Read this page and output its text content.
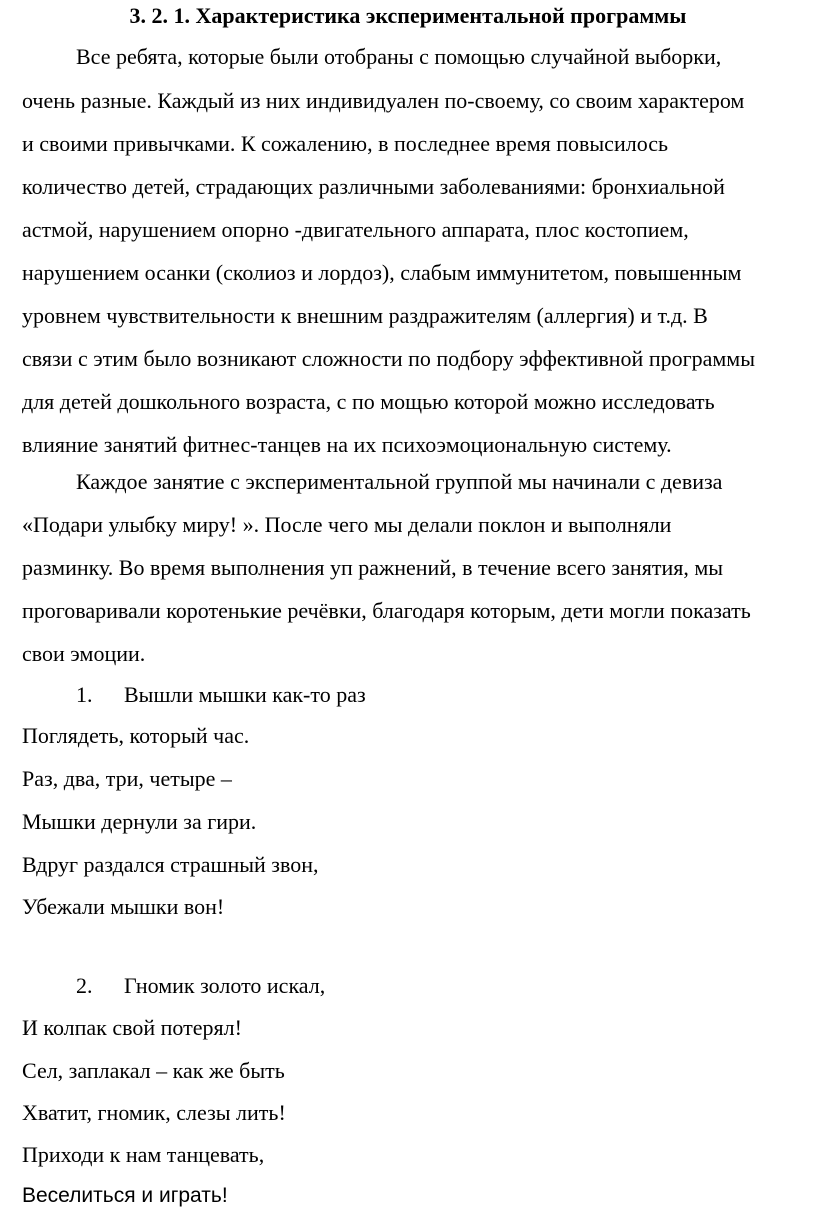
3. 2. 1. Характеристика экспериментальной программы
Все ребята, которые были отобраны с помощью случайной выборки,
очень разные. Каждый из них индивидуален по-своему, со своим характером
и своими привычками. К сожалению, в последнее время повысилось
количество детей, страдающих различными заболеваниями: бронхиальной
астмой, нарушением опорно -двигательного аппарата, плос костопием,
нарушением осанки (сколиоз и лордоз), слабым иммунитетом, повышенным
уровнем чувствительности к внешним раздражителям (аллергия) и т.д. В
связи с этим было возникают сложности по подбору эффективной программы
для детей дошкольного возраста, с по мощью которой можно исследовать
влияние занятий фитнес-танцев на их психоэмоциональную систему.
Каждое занятие с экспериментальной группой мы начинали с девиза
«Подари улыбку миру! ». После чего мы делали поклон и выполняли
разминку. Во время выполнения уп ражнений, в течение всего занятия, мы
проговаривали коротенькие речёвки, благодаря которым, дети могли показать
свои эмоции.
1. Вышли мышки как-то раз
Поглядеть, который час.
Раз, два, три, четыре –
Мышки дернули за гири.
Вдруг раздался страшный звон,
Убежали мышки вон!
2. Гномик золото искал,
И колпак свой потерял!
Сел, заплакал – как же быть
Хватит, гномик, слезы лить!
Приходи к нам танцевать,
Веселиться и играть!
